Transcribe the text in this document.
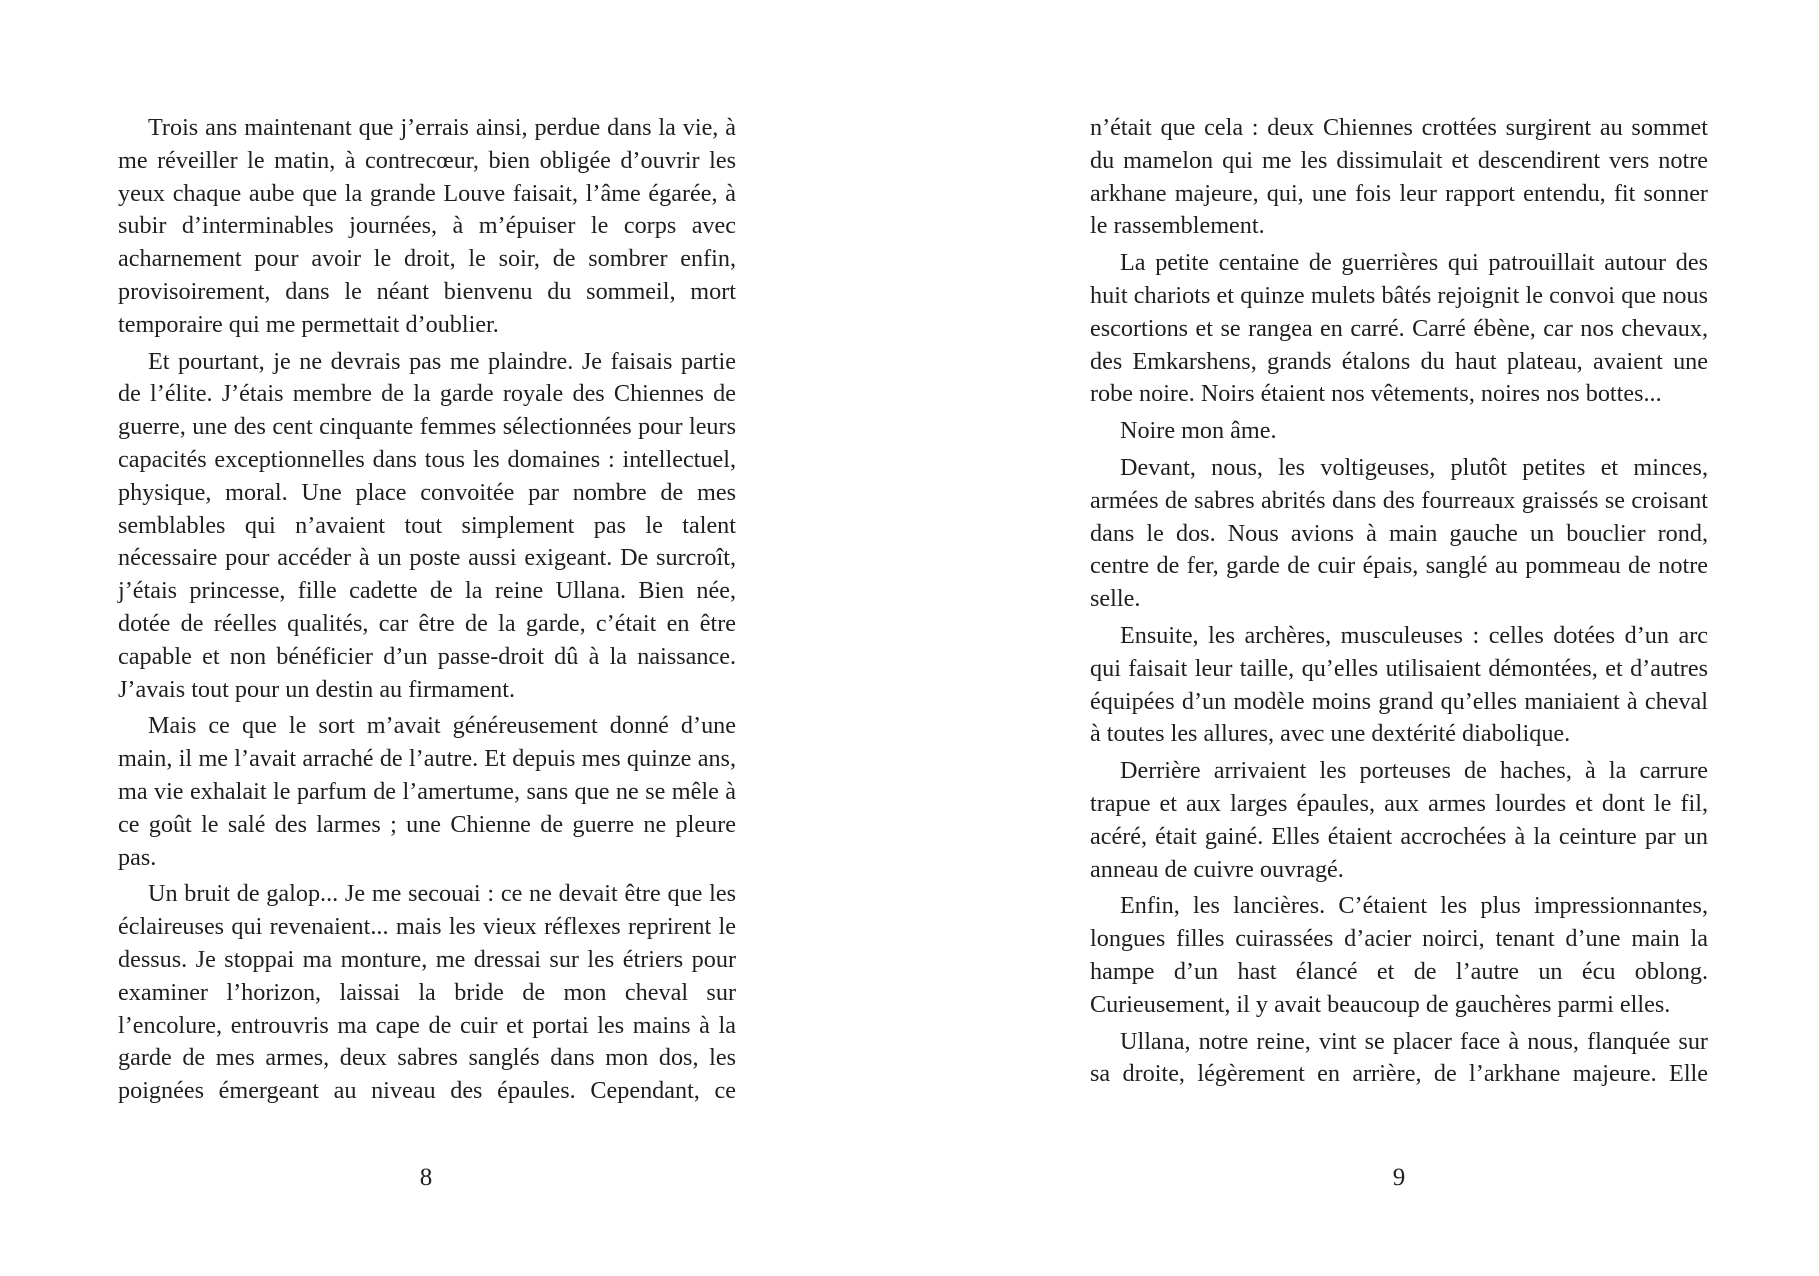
Trois ans maintenant que j’errais ainsi, perdue dans la vie, à me réveiller le matin, à contrecœur, bien obligée d’ouvrir les yeux chaque aube que la grande Louve faisait, l’âme égarée, à subir d’interminables journées, à m’épuiser le corps avec acharnement pour avoir le droit, le soir, de sombrer enfin, provisoirement, dans le néant bienvenu du sommeil, mort temporaire qui me permettait d’oublier.

Et pourtant, je ne devrais pas me plaindre. Je faisais partie de l’élite. J’étais membre de la garde royale des Chiennes de guerre, une des cent cinquante femmes sélectionnées pour leurs capacités exceptionnelles dans tous les domaines : intellectuel, physique, moral. Une place convoitée par nombre de mes semblables qui n’avaient tout simplement pas le talent nécessaire pour accéder à un poste aussi exigeant. De surcroît, j’étais princesse, fille cadette de la reine Ullana. Bien née, dotée de réelles qualités, car être de la garde, c’était en être capable et non bénéficier d’un passe-droit dû à la naissance. J’avais tout pour un destin au firmament.

Mais ce que le sort m’avait généreusement donné d’une main, il me l’avait arraché de l’autre. Et depuis mes quinze ans, ma vie exhalait le parfum de l’amertume, sans que ne se mêle à ce goût le salé des larmes ; une Chienne de guerre ne pleure pas.

Un bruit de galop... Je me secouai : ce ne devait être que les éclaireuses qui revenaient... mais les vieux réflexes reprirent le dessus. Je stoppai ma monture, me dressai sur les étriers pour examiner l’horizon, laissai la bride de mon cheval sur l’encolure, entrouvris ma cape de cuir et portai les mains à la garde de mes armes, deux sabres sanglés dans mon dos, les poignées émergeant au niveau des épaules. Cependant, ce

8

n’était que cela : deux Chiennes crottées surgirent au sommet du mamelon qui me les dissimulait et descendirent vers notre arkhane majeure, qui, une fois leur rapport entendu, fit sonner le rassemblement.

La petite centaine de guerrières qui patrouillait autour des huit chariots et quinze mulets bâtés rejoignit le convoi que nous escortions et se rangea en carré. Carré ébène, car nos chevaux, des Emkarshens, grands étalons du haut plateau, avaient une robe noire. Noirs étaient nos vêtements, noires nos bottes...

Noire mon âme.

Devant, nous, les voltigeuses, plutôt petites et minces, armées de sabres abrités dans des fourreaux graissés se croisant dans le dos. Nous avions à main gauche un bouclier rond, centre de fer, garde de cuir épais, sanglé au pommeau de notre selle.

Ensuite, les archères, musculeuses : celles dotées d’un arc qui faisait leur taille, qu’elles utilisaient démontées, et d’autres équipées d’un modèle moins grand qu’elles maniaient à cheval à toutes les allures, avec une dextérité diabolique.

Derrière arrivaient les porteuses de haches, à la carrure trapue et aux larges épaules, aux armes lourdes et dont le fil, acéré, était gainé. Elles étaient accrochées à la ceinture par un anneau de cuivre ouvragé.

Enfin, les lancières. C’étaient les plus impressionnantes, longues filles cuirassées d’acier noirci, tenant d’une main la hampe d’un hast élancé et de l’autre un écu oblong. Curieusement, il y avait beaucoup de gauchères parmi elles.

Ullana, notre reine, vint se placer face à nous, flanquée sur sa droite, légèrement en arrière, de l’arkhane majeure. Elle

9
